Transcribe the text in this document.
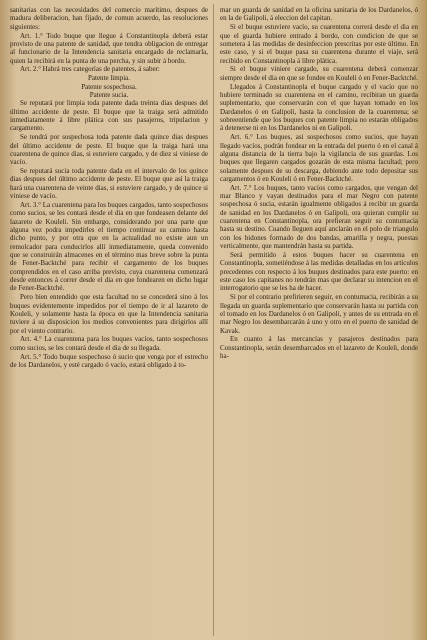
sanitarias con las necesidades del comercio marítimo, despues de madura deliberacion, han fijado, de comun acuerdo, las resoluciones siguientes:

Art. 1.° Todo buque que llegue á Constantinopla deberá estar provisto de una patente de sanidad, que tendra obligacion de entregar al funcionario de la Intendencia sanitaria encargado de reclamarla, quien la recibirá en la punta de una percha, y sin subir á bordo.

Art. 2.° Habrá tres categorías de patentes, á saber:

Patente limpia.

Patente sospechosa.

Patente sucia.

Se reputará por limpia toda patente dada treinta dias despues del último accidente de peste. El buque que la traiga será admitido inmediatamente á libre plática con sus pasajeros, tripulacion y cargamento.

Se tendrá por sospechosa toda patente dada quince dias despues del último accidente de peste. El buque que la traiga hará una cuarentena de quince dias, si estuviere cargado, y de diez si viniese de vacío.

Se reputará sucia toda patente dada en el intervalo de los quince dias despues del último accidente de peste. El buque que así la traiga hará una cuarentena de veinte dias, si estuviere cargado, y de quince si viniese de vacío.

Art. 3.° La cuarentena para los buques cargados, tanto sospechosos como sucios, se les contará desde el dia en que fondeasen delante del lazareto de Kouleli. Sin embargo, considerando por una parte que alguna vez podra impedirles el tiempo continuar su camino hasta dicho punto, y por otra que en la actualidad no existe aun un remolcador para conducirlos allí inmediatamente, queda convenido que se construirán almacenes en el término mas breve sobre la punta de Fener-Backtché para recibir el cargamento de los buques comprendidos en el caso arriba previsto, cuya cuarentena comenzará desde entonces á correr desde el dia en que fondearen en dicho lugar de Fener-Backtché.

Pero bien entendido que esta facultad no se concederá sino á los buques evidentemente impedidos por el tiempo de ir al lazareto de Kouleli, y solamente hasta la época en que la Intendencia sanitaria tuviere á su disposicion los medios convenientes para dirigirlos allí por el viento contrario.

Art. 4.° La cuarentena para los buques vacíos, tanto sospechosos como sucios, se les contará desde el dia de su llegada.

Art. 5.° Todo buque sospechoso ó sucio que venga por el estrecho de los Dardanelos, y esté cargado ó vacío, estará obligado á to-

mar un guarda de sanidad en la oficina sanitaria de los Dardanelos, ó en la de Galipoli, á eleccion del capitan.

Si el buque estuviere vacío, su cuarentena correrá desde el dia en que el guarda hubiere entrado á bordo, con condicion de que se sometera á las medidas de desinfeccion prescritas por este último. En este caso, y si el buque pasa su cuarentena durante el viaje, será recibido en Constantinopla á libre plática.

Si el buque viniere cargado, su cuarentena deberá comenzar siempre desde el dia en que se fondee en Kouleli ó en Fener-Backtché.

Llegados á Constantinopla el buque cargado y el vacío que no hubiere terminado su cuarentena en el camino, recibiran un guarda suplementario, que conservarán con el que hayan tomado en los Dardanelos ó en Galipoli, hasta la conclusion de la cuarentena; se sobreentiende que los buques con patente limpia no estarán obligados á detenerse ni en los Dardanelos ni en Galipoli.

Art. 6.° Los buques, asi sospechosos como sucios, que hayan llegado vacíos, podrán fondear en la entrada del puerto ó en el canal á alguna distancia de la tierra bajo la vigilancia de sus guardas. Los buques que llegaren cargados gozarán de esta misma facultad; pero solamente despues de su descarga, debiendo ante todo depositar sus cargamentos ó en Kouleli ó en Fener-Backtché.

Art. 7.° Los buques, tanto vacíos como cargados, que vengan del mar Blanco y vayan destinados para el mar Negro con patente sospechosa ó sucia, estarán igualmente obligados á recibir un guarda de sanidad en los Dardanelos ó en Galipoli, ora quieran cumplir su cuarentena en Constantinopla, ora prefieran seguir su contumacia hasta su destino. Cuando lleguen aquí anclarán en el polo de triangulo con los bidones formado de dos bandas, amarilla y negra, puestas verticalmente, que mantendrán hasta su partida.

Será permitido á estos buques hacer su cuarentena en Constantinopla, sometiéndose á las medidas detalladas en los artículos precedentes con respecto á los buques destinados para este puerto: en este caso los capitanes no tendrán mas que declarar su intencion en el interrogatorio que se les ha de hacer.

Si por el contrario prefirieren seguir, en contumacia, recibirán a su llegada un guarda suplementario que conservarán hasta su partida con el tomado en los Dardanelos ó en Galipoli, y antes de su entrada en el mar Negro los desembarcarán á uno y otro en el puerto de sanidad de Kavak.

En cuanto á las mercancías y pasajeros destinados para Constantinopla, serán desembarcados en el lazareto de Kouleli, donde ha-
